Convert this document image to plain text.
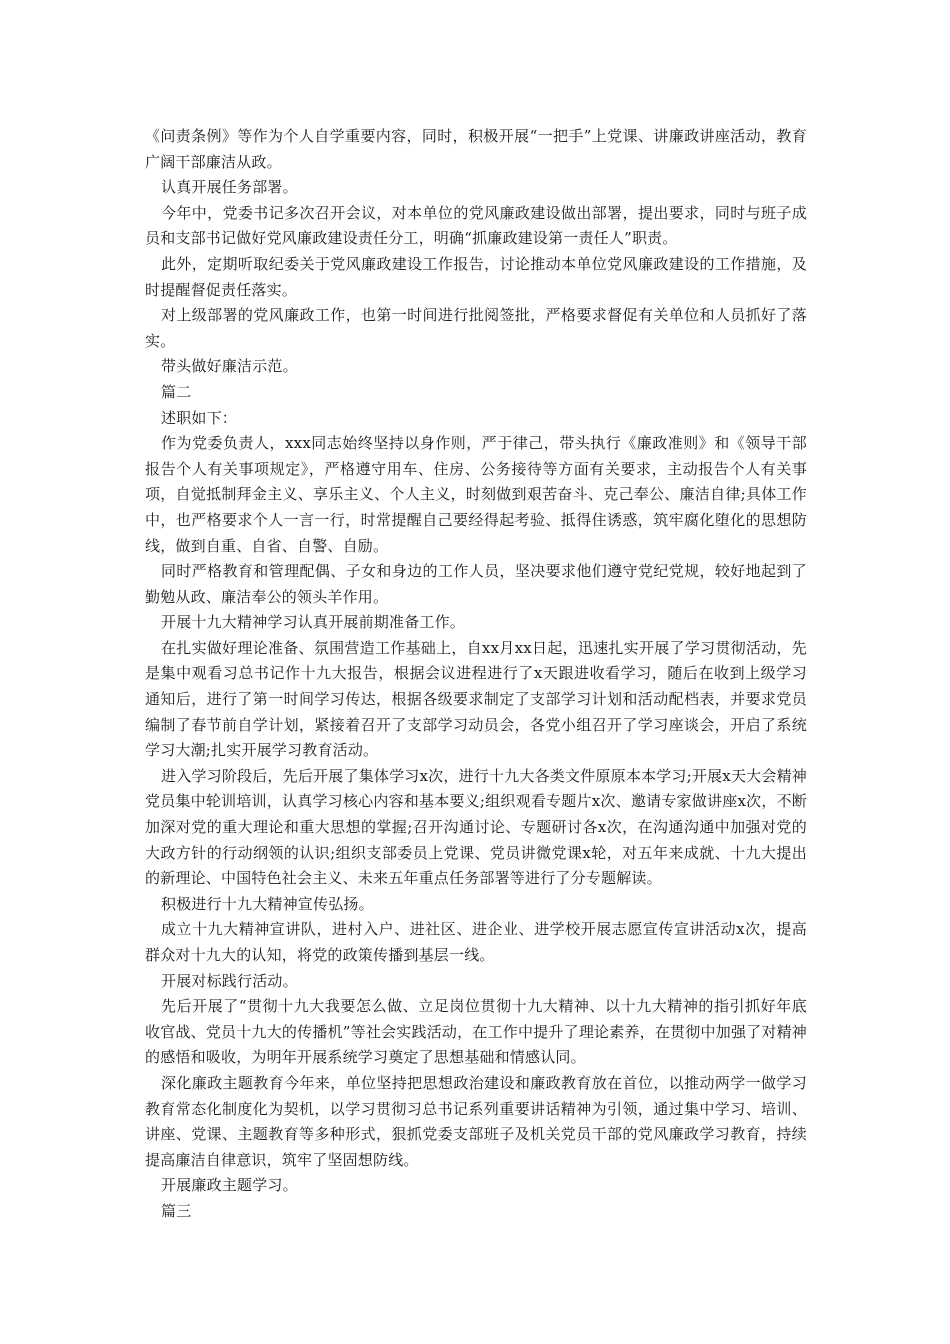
《问责条例》等作为个人自学重要内容，同时，积极开展“一把手”上党课、讲廉政讲座活动，教育广阔干部廉洁从政。

认真开展任务部署。

今年中，党委书记多次召开会议，对本单位的党风廉政建设做出部署，提出要求，同时与班子成员和支部书记做好党风廉政建设责任分工，明确“抓廉政建设第一责任人”职责。

此外，定期听取纪委关于党风廉政建设工作报告，讨论推动本单位党风廉政建设的工作措施，及时提醒督促责任落实。

对上级部署的党风廉政工作，也第一时间进行批阅签批，严格要求督促有关单位和人员抓好了落实。

带头做好廉洁示范。

篇二

述职如下：

作为党委负责人，xxx同志始终坚持以身作则，严于律己，带头执行《廉政准则》和《领导干部报告个人有关事项规定》，严格遵守用车、住房、公务接待等方面有关要求，主动报告个人有关事项，自觉抵制拜金主义、享乐主义、个人主义，时刻做到艰苦奋斗、克己奉公、廉洁自律;具体工作中，也严格要求个人一言一行，时常提醒自己要经得起考验、抵得住诱惑，筑牢腐化堕化的思想防线，做到自重、自省、自警、自励。

同时严格教育和管理配偶、子女和身边的工作人员，坚决要求他们遵守党纪党规，较好地起到了勤勉从政、廉洁奉公的领头羊作用。

开展十九大精神学习认真开展前期准备工作。

在扎实做好理论准备、氛围营造工作基础上，自xx月xx日起，迅速扎实开展了学习贯彻活动，先是集中观看习总书记作十九大报告，根据会议进程进行了x天跟进收看学习，随后在收到上级学习通知后，进行了第一时间学习传达，根据各级要求制定了支部学习计划和活动配档表，并要求党员编制了春节前自学计划，紧接着召开了支部学习动员会，各党小组召开了学习座谈会，开启了系统学习大潮;扎实开展学习教育活动。

进入学习阶段后，先后开展了集体学习x次，进行十九大各类文件原原本本学习;开展x天大会精神党员集中轮训培训，认真学习核心内容和基本要义;组织观看专题片x次、邀请专家做讲座x次，不断加深对党的重大理论和重大思想的掌握;召开沟通讨论、专题研讨各x次，在沟通沟通中加强对党的大政方针的行动纲领的认识;组织支部委员上党课、党员讲微党课x轮，对五年来成就、十九大提出的新理论、中国特色社会主义、未来五年重点任务部署等进行了分专题解读。

积极进行十九大精神宣传弘扬。

成立十九大精神宣讲队，进村入户、进社区、进企业、进学校开展志愿宣传宣讲活动x次，提高群众对十九大的认知，将党的政策传播到基层一线。

开展对标践行活动。

先后开展了“贯彻十九大我要怎么做、立足岗位贯彻十九大精神、以十九大精神的指引抓好年底收官战、党员十九大的传播机”等社会实践活动，在工作中提升了理论素养，在贯彻中加强了对精神的感悟和吸收，为明年开展系统学习奠定了思想基础和情感认同。

深化廉政主题教育今年来，单位坚持把思想政治建设和廉政教育放在首位，以推动两学一做学习教育常态化制度化为契机，以学习贯彻习总书记系列重要讲话精神为引领，通过集中学习、培训、讲座、党课、主题教育等多种形式，狠抓党委支部班子及机关党员干部的党风廉政学习教育，持续提高廉洁自律意识，筑牢了坚固想防线。

开展廉政主题学习。

篇三
